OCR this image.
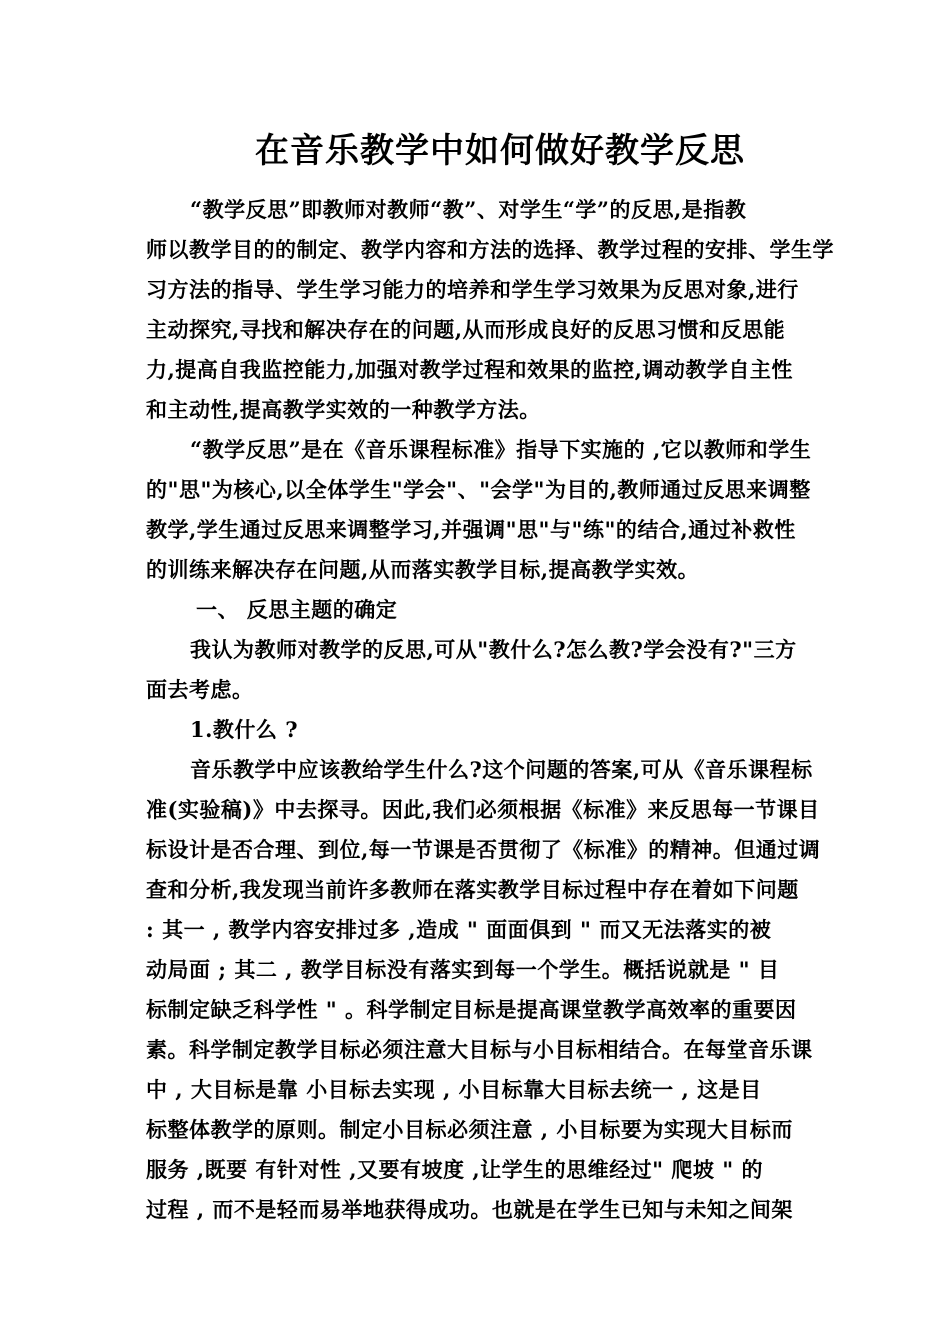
在音乐教学中如何做好教学反思
“教学反思”即教师对教师“教”、对学生“学”的反思,是指教
师以教学目的的制定、教学内容和方法的选择、教学过程的安排、学生学
习方法的指导、学生学习能力的培养和学生学习效果为反思对象,进行
主动探究,寻找和解决存在的问题,从而形成良好的反思习惯和反思能
力,提高自我监控能力,加强对教学过程和效果的监控,调动教学自主性
和主动性,提高教学实效的一种教学方法。
“教学反思”是在《音乐课程标准》指导下实施的 ,它以教师和学生
的"思"为核心,以全体学生"学会"、"会学"为目的,教师通过反思来调整
教学,学生通过反思来调整学习,并强调"思"与"练"的结合,通过补救性
的训练来解决存在问题,从而落实教学目标,提高教学实效。
一、 反思主题的确定
我认为教师对教学的反思,可从"教什么?怎么教?学会没有?"三方
面去考虑。
1.教什么 ?
音乐教学中应该教给学生什么?这个问题的答案,可从《音乐课程标
准(实验稿)》中去探寻。因此,我们必须根据《标准》来反思每一节课目
标设计是否合理、到位,每一节课是否贯彻了《标准》的精神。但通过调
查和分析,我发现当前许多教师在落实教学目标过程中存在着如下问题
: 其一 , 教学内容安排过多 ,造成 " 面面俱到 " 而又无法落实的被
动局面 ; 其二 , 教学目标没有落实到每一个学生。概括说就是 " 目
标制定缺乏科学性 " 。科学制定目标是提高课堂教学高效率的重要因
素。科学制定教学目标必须注意大目标与小目标相结合。在每堂音乐课
中 , 大目标是靠 小目标去实现 , 小目标靠大目标去统一 , 这是目
标整体教学的原则。制定小目标必须注意 , 小目标要为实现大目标而
服务 ,既要 有针对性 ,又要有坡度 ,让学生的思维经过" 爬坡 " 的
过程 , 而不是轻而易举地获得成功。也就是在学生已知与未知之间架
